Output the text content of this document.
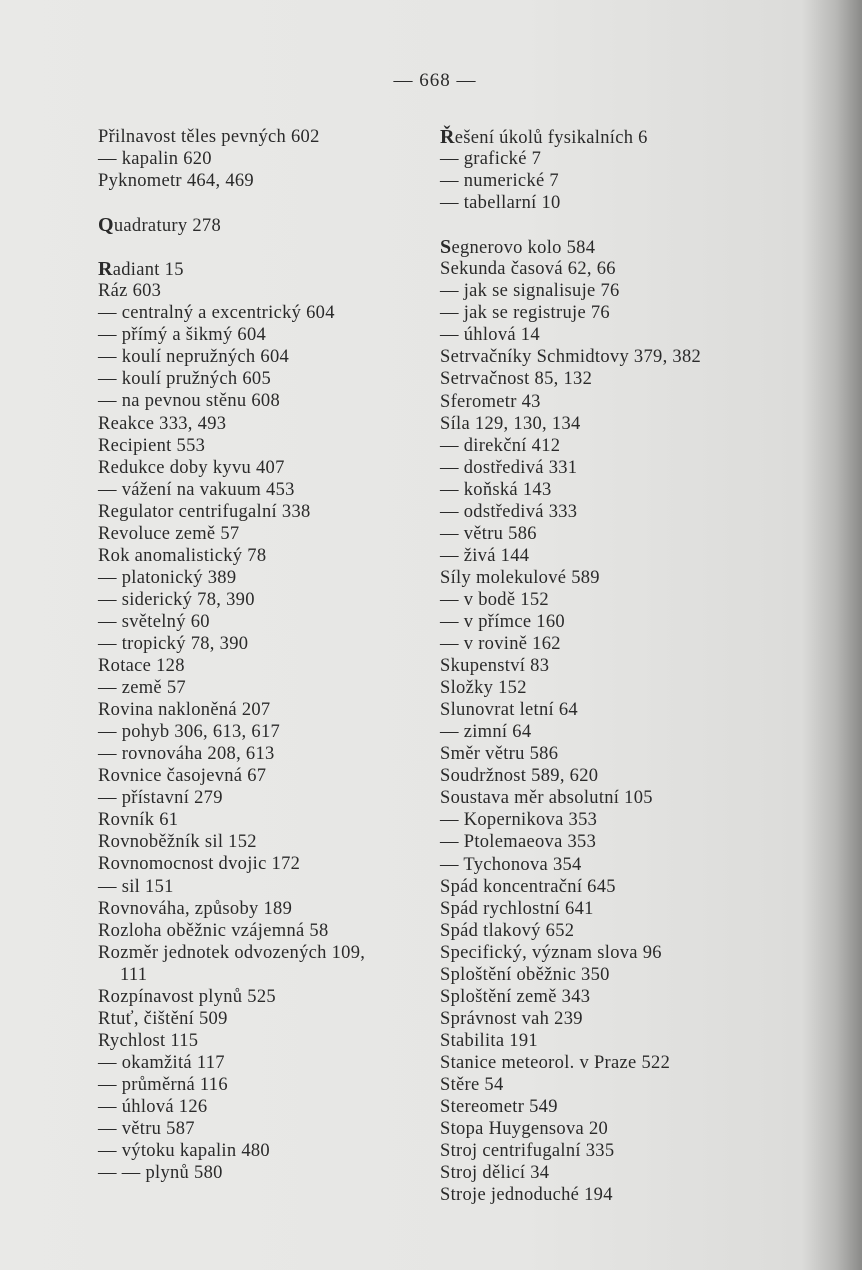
— 668 —
Přilnavost těles pevných 602
— kapalin 620
Pyknometr 464, 469
Quadratury 278
Radiant 15
Ráz 603
— centralný a excentrický 604
— přímý a šikmý 604
— koulí nepružných 604
— koulí pružných 605
— na pevnou stěnu 608
Reakce 333, 493
Recipient 553
Redukce doby kyvu 407
— vážení na vakuum 453
Regulator centrifugalní 338
Revoluce země 57
Rok anomalistický 78
— platonický 389
— siderický 78, 390
— světelný 60
— tropický 78, 390
Rotace 128
— země 57
Rovina nakloněná 207
— pohyb 306, 613, 617
— rovnováha 208, 613
Rovnice časojevná 67
— přístavní 279
Rovník 61
Rovnoběžník sil 152
Rovnomocnost dvojic 172
— sil 151
Rovnováha, způsoby 189
Rozloha oběžnic vzájemná 58
Rozměr jednotek odvozených 109,
111
Rozpínavost plynů 525
Rtuť, čištění 509
Rychlost 115
— okamžitá 117
— průměrná 116
— úhlová 126
— větru 587
— výtoku kapalin 480
— — plynů 580
Řešení úkolů fysikalních 6
— grafické 7
— numerické 7
— tabellarní 10
Segnerovo kolo 584
Sekunda časová 62, 66
— jak se signalisuje 76
— jak se registruje 76
— úhlová 14
Setrvačníky Schmidtovy 379, 382
Setrvačnost 85, 132
Sferometr 43
Síla 129, 130, 134
— direkční 412
— dostředivá 331
— koňská 143
— odstředivá 333
— větru 586
— živá 144
Síly molekulové 589
— v bodě 152
— v přímce 160
— v rovině 162
Skupenství 83
Složky 152
Slunovrat letní 64
— zimní 64
Směr větru 586
Soudržnost 589, 620
Soustava měr absolutní 105
— Kopernikova 353
— Ptolemaeova 353
— Tychonova 354
Spád koncentrační 645
Spád rychlostní 641
Spád tlakový 652
Specifický, význam slova 96
Sploštění oběžnic 350
Sploštění země 343
Správnost vah 239
Stabilita 191
Stanice meteorol. v Praze 522
Stěre 54
Stereometr 549
Stopa Huygensova 20
Stroj centrifugalní 335
Stroj dělicí 34
Stroje jednoduché 194
